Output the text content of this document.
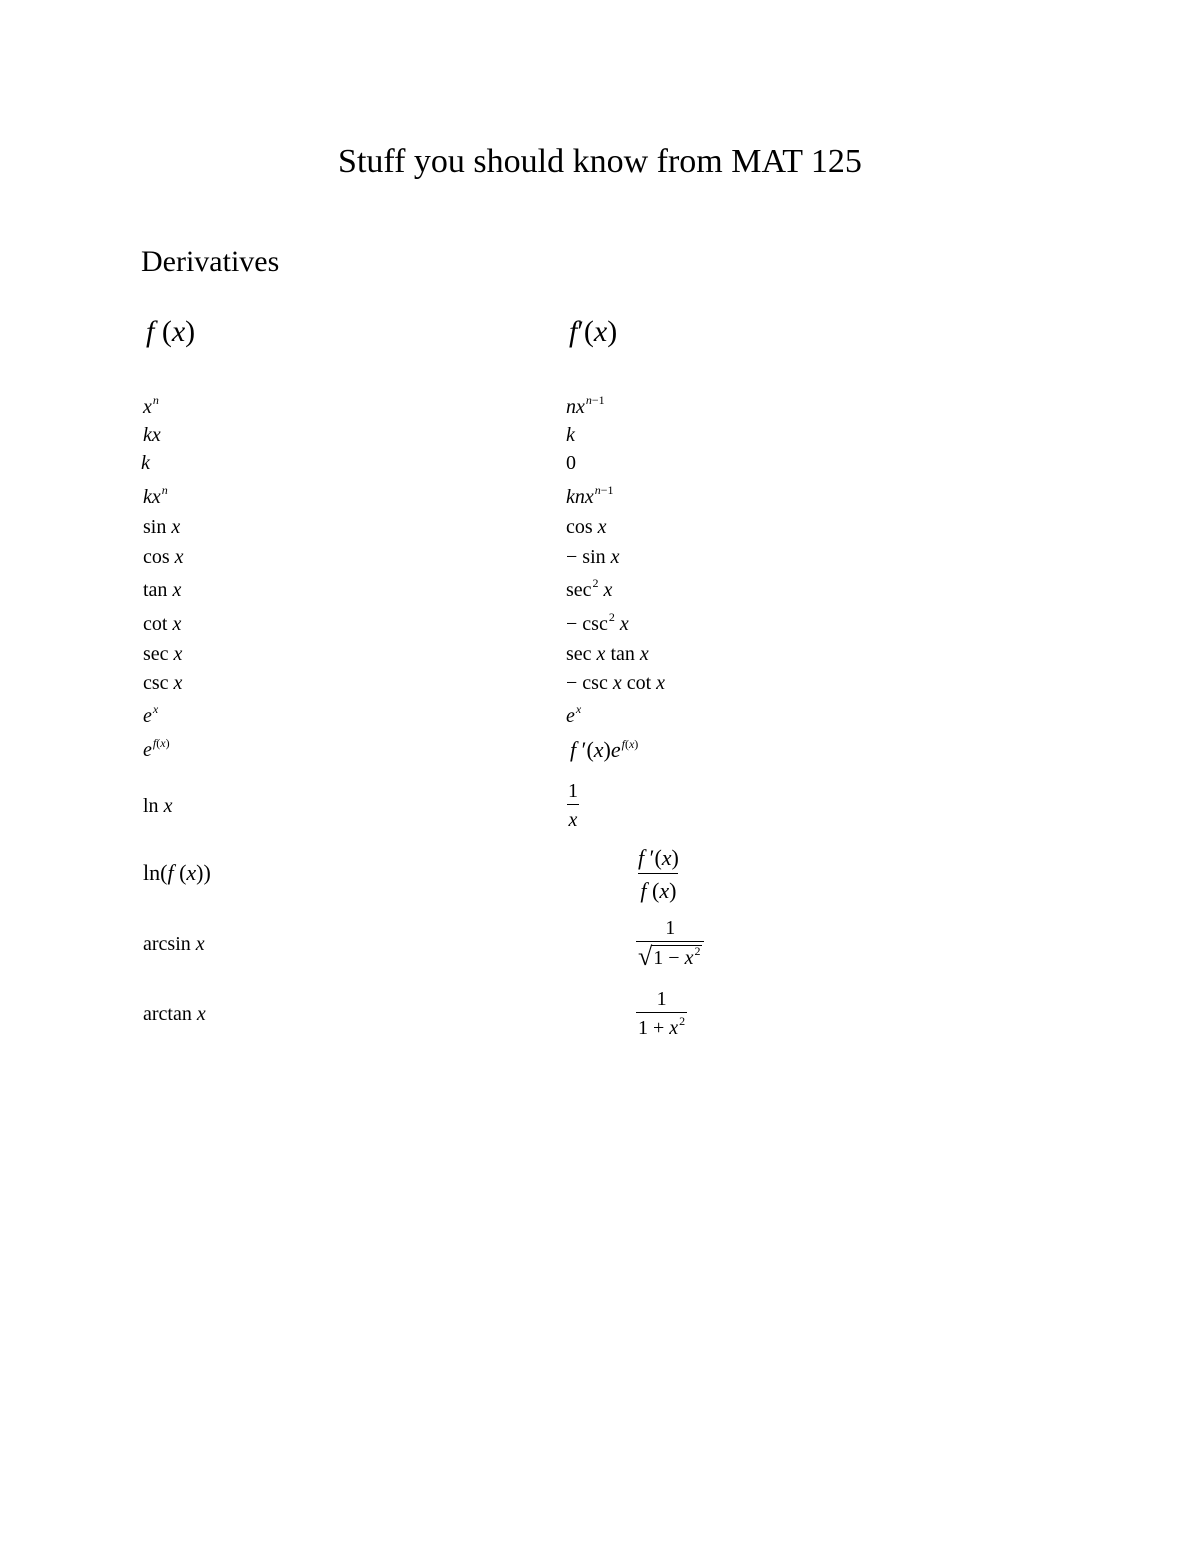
Stuff you should know from MAT 125
Derivatives
f (x)	f′(x)
$x^n$	$nx^{n-1}$
kx	k
k	0
$kx^n$	knx$^{n-1}$
sin x	cos x
cos x	− sin x
tan x	$\sec^2 x$
cot x	− $\csc^2 x$
sec x	sec x tan x
csc x	− csc x cot x
$e^x$	$e^x$
$e^{f(x)}$	f $'(x)e^{f(x)}$
ln x	$\frac{1}{x}$
ln(f (x))	$\frac{f '(x)}{f (x)}$
arcsin x	$\frac{1}{√ 1 - x^2}$
arctan x	$\frac{1}{1 + x^2}$
